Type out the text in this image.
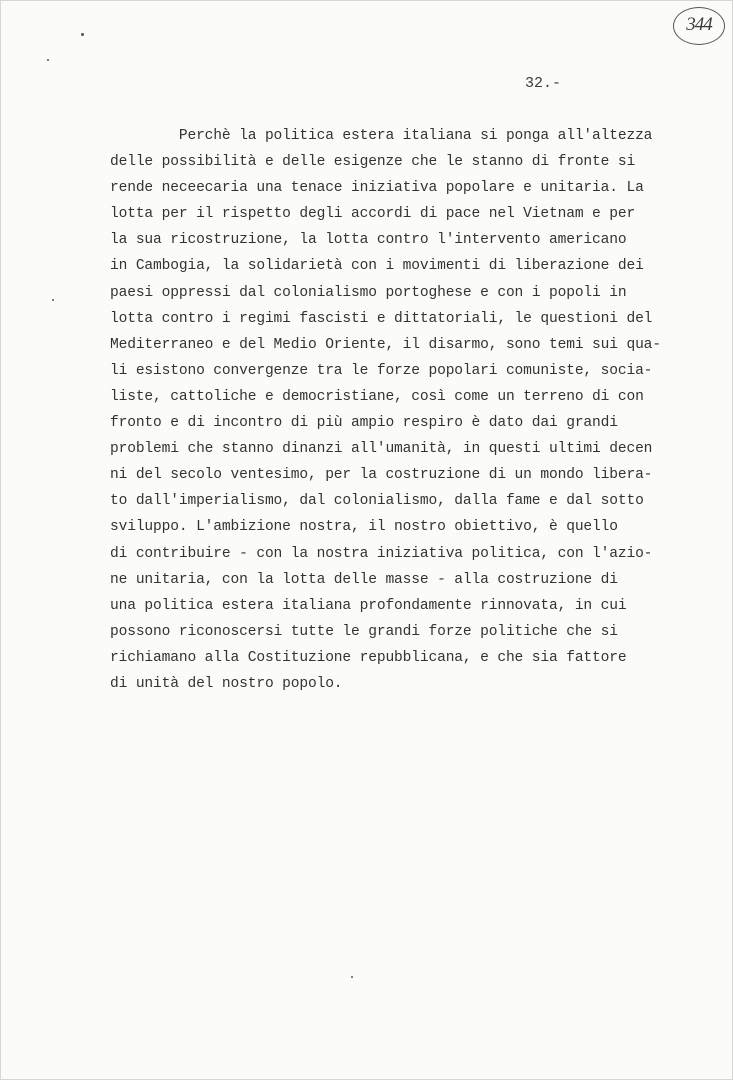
344
32.-
Perchè la politica estera italiana si ponga all'altezza
delle possibilità e delle esigenze che le stanno di fronte si
rende neceecaria una tenace iniziativa popolare e unitaria. La
lotta per il rispetto degli accordi di pace nel Vietnam e per
la sua ricostruzione, la lotta contro l'intervento americano
in Cambogia, la solidarietà con i movimenti di liberazione dei
paesi oppressi dal colonialismo portoghese e con i popoli in
lotta contro i regimi fascisti e dittatoriali, le questioni del
Mediterraneo e del Medio Oriente, il disarmo, sono temi sui qua-
li esistono convergenze tra le forze popolari comuniste, socia-
liste, cattoliche e democristiane, così come un terreno di con
fronto e di incontro di più ampio respiro è dato dai grandi
problemi che stanno dinanzi all'umanità, in questi ultimi decen
ni del secolo ventesimo, per la costruzione di un mondo libera-
to dall'imperialismo, dal colonialismo, dalla fame e dal sotto
sviluppo. L'ambizione nostra, il nostro obiettivo, è quello
di contribuire - con la nostra iniziativa politica, con l'azio-
ne unitaria, con la lotta delle masse - alla costruzione di
una politica estera italiana profondamente rinnovata, in cui
possono riconoscersi tutte le grandi forze politiche che si
richiamano alla Costituzione repubblicana, e che sia fattore
di unità del nostro popolo.
